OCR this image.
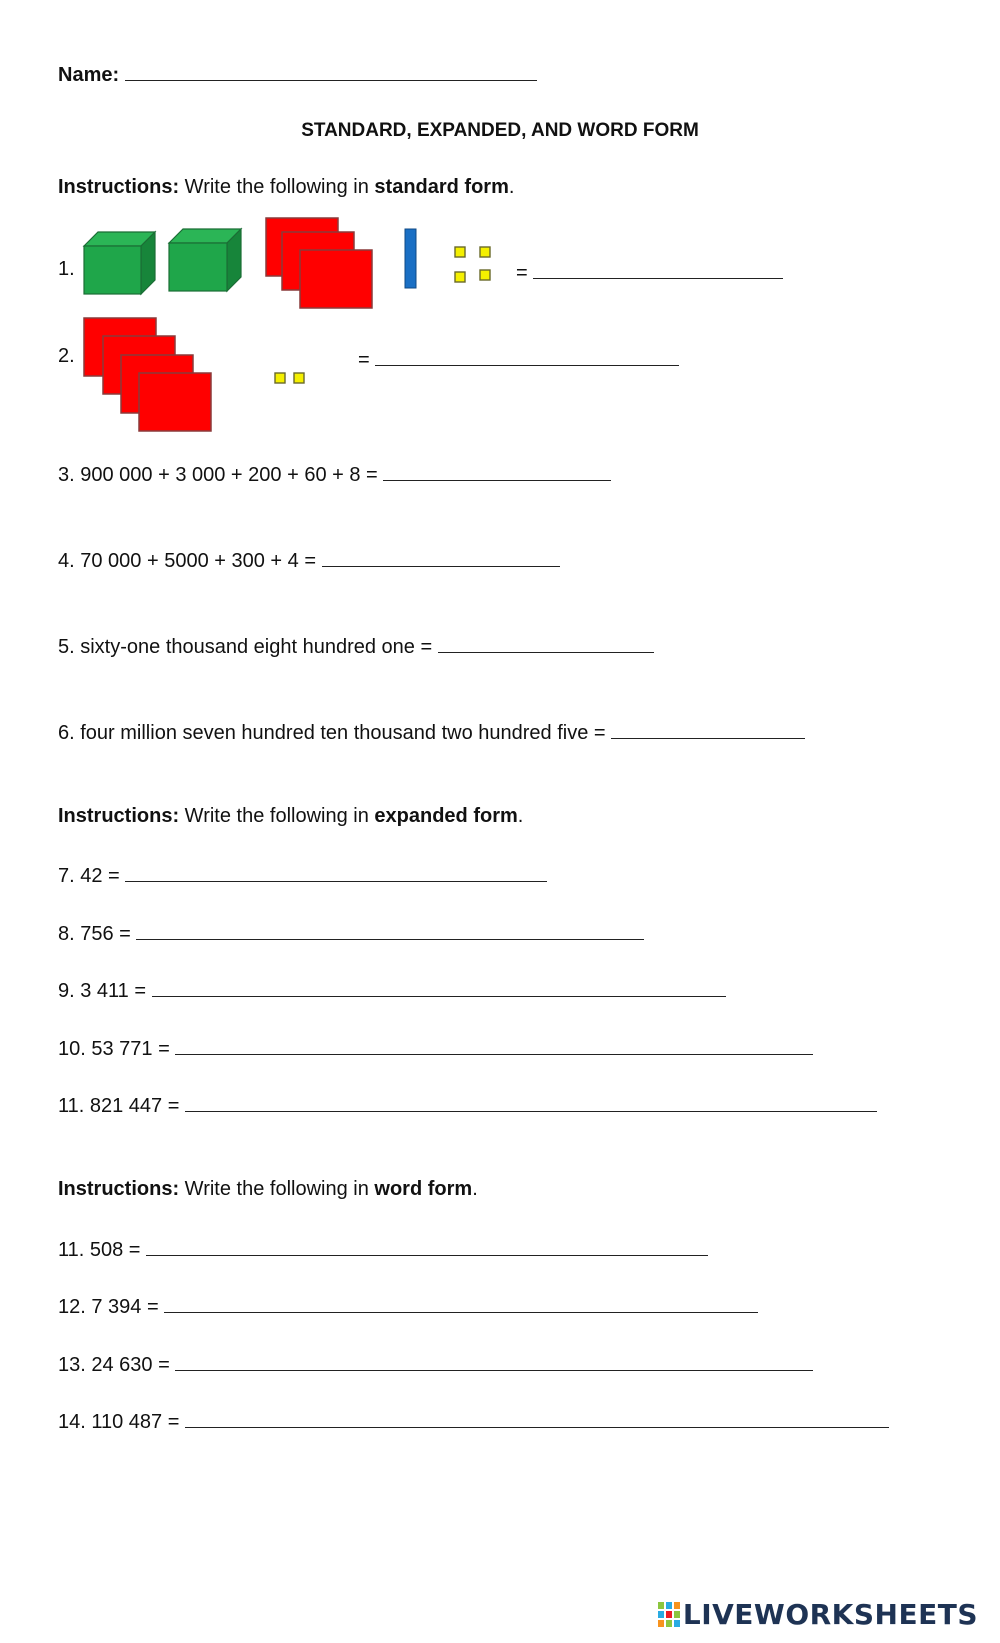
Name:
STANDARD, EXPANDED, AND WORD FORM
Instructions: Write the following in standard form.
1.	=
2.	=
3. 900 000 + 3 000 + 200 + 60 + 8 =
4. 70 000 + 5000 + 300 + 4 =
5. sixty-one thousand eight hundred one =
6. four million seven hundred ten thousand two hundred five =
Instructions: Write the following in expanded form.
7. 42 =
8. 756 =
9. 3 411 =
10. 53 771 =
11. 821 447 =
Instructions: Write the following in word form.
11. 508 =
12. 7 394 =
13. 24 630 =
14. 110 487 =
LIVEWORKSHEETS
